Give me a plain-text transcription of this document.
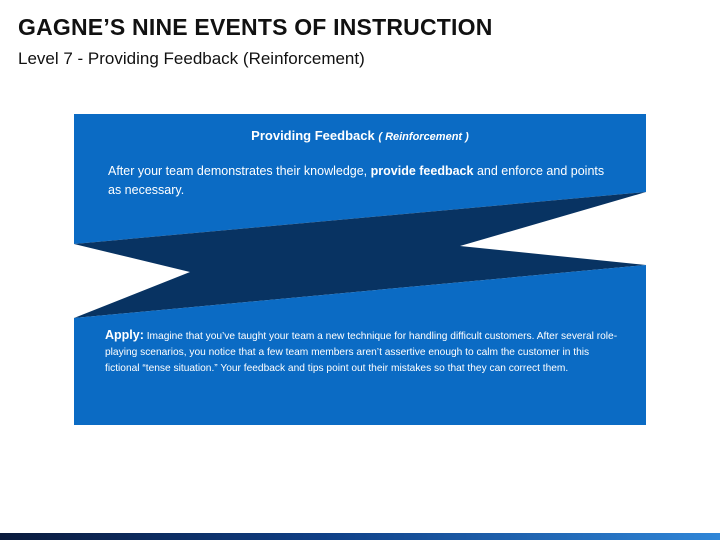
GAGNE’S NINE EVENTS OF INSTRUCTION
Level 7 - Providing Feedback (Reinforcement)
Providing Feedback ( Reinforcement )
After your team demonstrates their knowledge, provide feedback and enforce and points as necessary.
Apply: Imagine that you’ve taught your team a new technique for handling difficult customers. After several role-playing scenarios, you notice that a few team members aren’t assertive enough to calm the customer in this fictional “tense situation.” Your feedback and tips point out their mistakes so that they can correct them.
